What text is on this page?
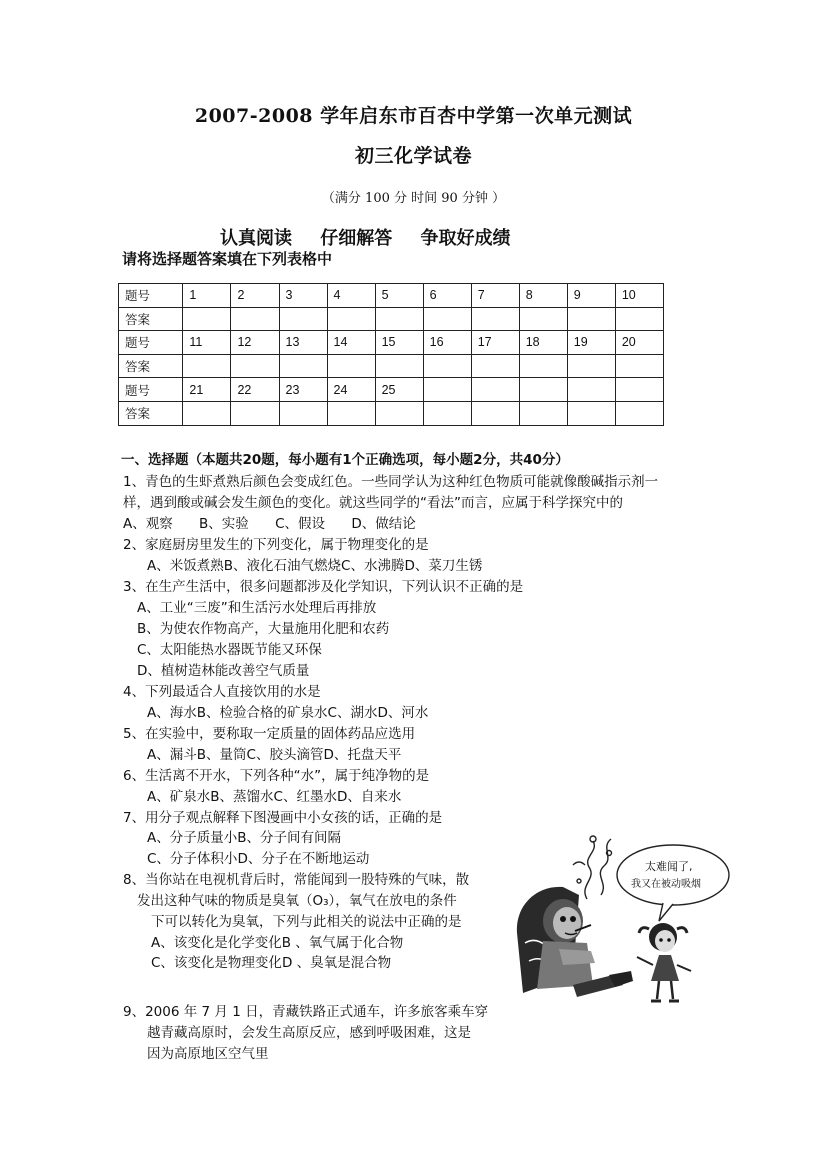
2007-2008 学年启东市百杏中学第一次单元测试
初三化学试卷
（满分 100 分 时间 90 分钟 ）
认真阅读 仔细解答 争取好成绩
请将选择题答案填在下列表格中
题号	1	2	3	4	5	6	7	8	9	10
答案										
题号	11	12	13	14	15	16	17	18	19	20
答案										
题号	21	22	23	24	25					
答案										
一、选择题（本题共20题，每小题有1个正确选项，每小题2分，共40分）
1、青色的生虾煮熟后颜色会变成红色。一些同学认为这种红色物质可能就像酸碱指示剂一
样，遇到酸或碱会发生颜色的变化。就这些同学的“看法”而言，应属于科学探究中的
A、观察 B、实验 C、假设 D、做结论
2、家庭厨房里发生的下列变化，属于物理变化的是
A、米饭煮熟B、液化石油气燃烧C、水沸腾D、菜刀生锈
3、在生产生活中，很多问题都涉及化学知识，下列认识不正确的是
A、工业“三废”和生活污水处理后再排放
B、为使农作物高产，大量施用化肥和农药
C、太阳能热水器既节能又环保
D、植树造林能改善空气质量
4、下列最适合人直接饮用的水是
A、海水B、检验合格的矿泉水C、湖水D、河水
5、在实验中，要称取一定质量的固体药品应选用
A、漏斗B、量筒C、胶头滴管D、托盘天平
6、生活离不开水，下列各种“水”，属于纯净物的是
A、矿泉水B、蒸馏水C、红墨水D、自来水
7、用分子观点解释下图漫画中小女孩的话，正确的是
A、分子质量小B、分子间有间隔
C、分子体积小D、分子在不断地运动
8、当你站在电视机背后时，常能闻到一股特殊的气味，散
发出这种气味的物质是臭氧（O₃），氧气在放电的条件
下可以转化为臭氧，下列与此相关的说法中正确的是
A、该变化是化学变化B 、氧气属于化合物
C、该变化是物理变化D 、臭氧是混合物
9、2006 年 7 月 1 日，青藏铁路正式通车，许多旅客乘车穿
越青藏高原时，会发生高原反应，感到呼吸困难，这是
因为高原地区空气里
太难闻了,
我又在被动吸烟
